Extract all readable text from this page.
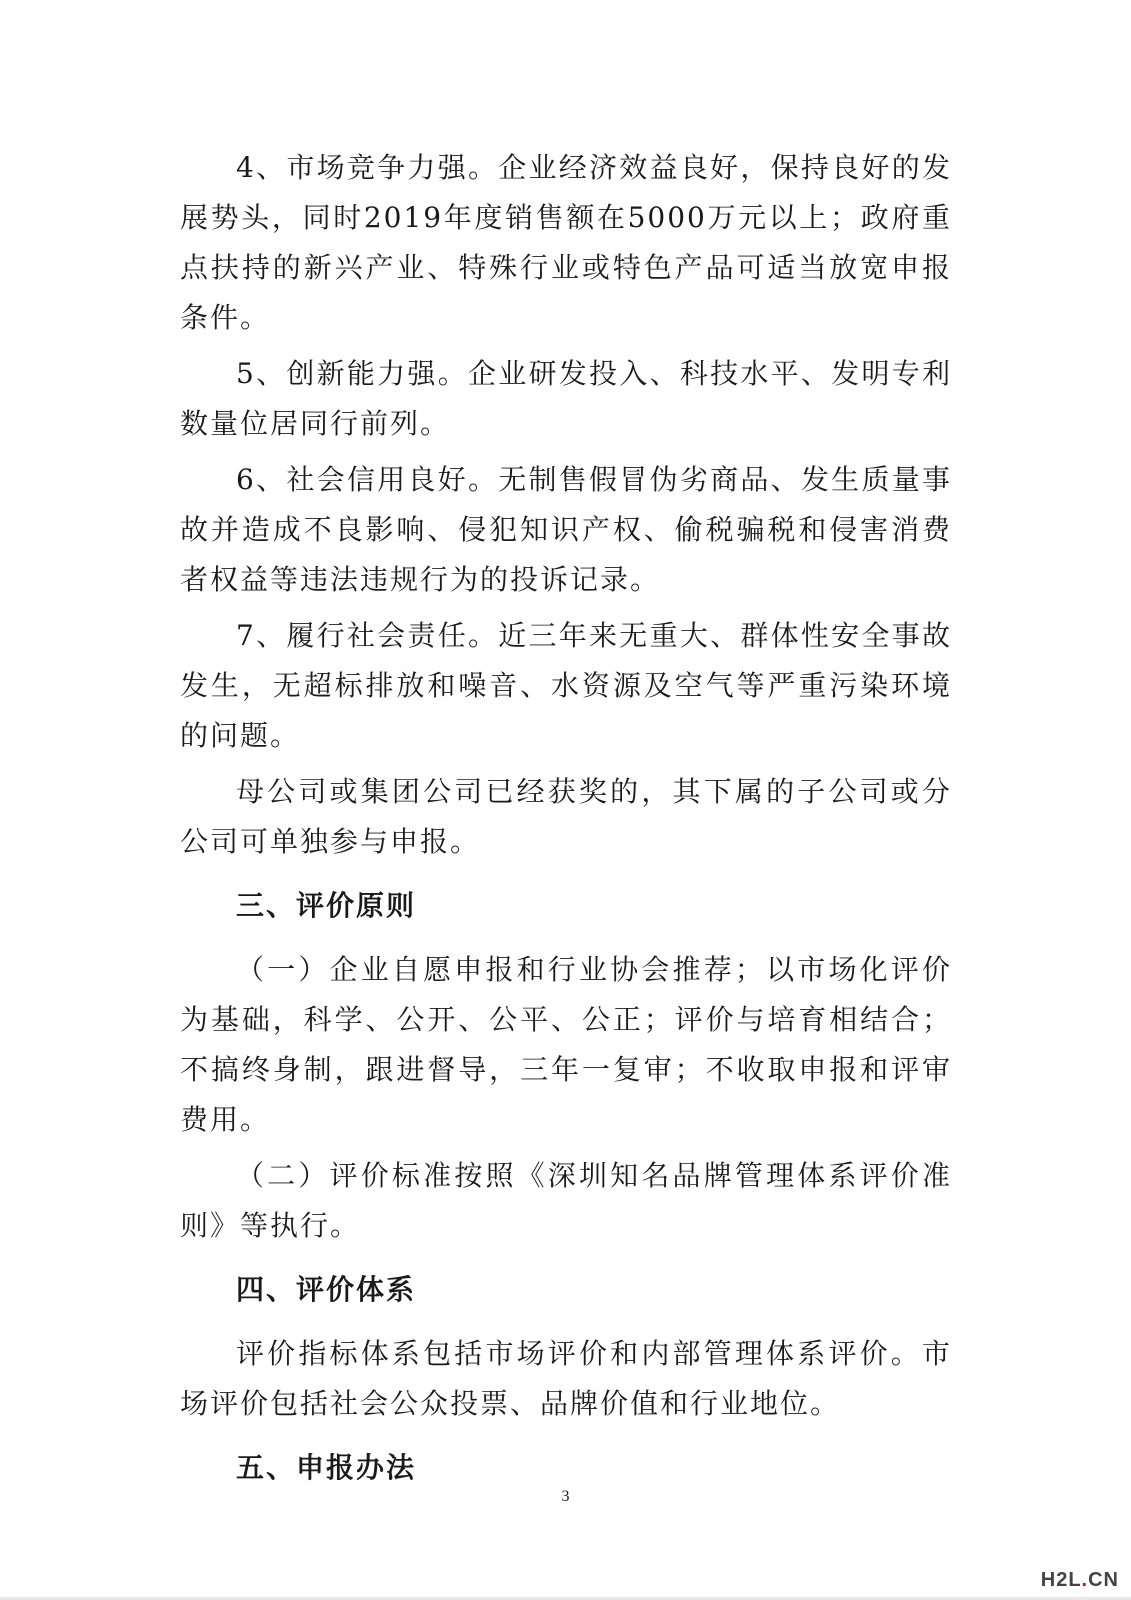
4、市场竞争力强。企业经济效益良好，保持良好的发展势头，同时2019年度销售额在5000万元以上；政府重点扶持的新兴产业、特殊行业或特色产品可适当放宽申报条件。

5、创新能力强。企业研发投入、科技水平、发明专利数量位居同行前列。

6、社会信用良好。无制售假冒伪劣商品、发生质量事故并造成不良影响、侵犯知识产权、偷税骗税和侵害消费者权益等违法违规行为的投诉记录。

7、履行社会责任。近三年来无重大、群体性安全事故发生，无超标排放和噪音、水资源及空气等严重污染环境的问题。

母公司或集团公司已经获奖的，其下属的子公司或分公司可单独参与申报。

三、评价原则

（一）企业自愿申报和行业协会推荐；以市场化评价为基础，科学、公开、公平、公正；评价与培育相结合；不搞终身制，跟进督导，三年一复审；不收取申报和评审费用。

（二）评价标准按照《深圳知名品牌管理体系评价准则》等执行。

四、评价体系

评价指标体系包括市场评价和内部管理体系评价。市场评价包括社会公众投票、品牌价值和行业地位。

五、申报办法

3
H2L.CN
